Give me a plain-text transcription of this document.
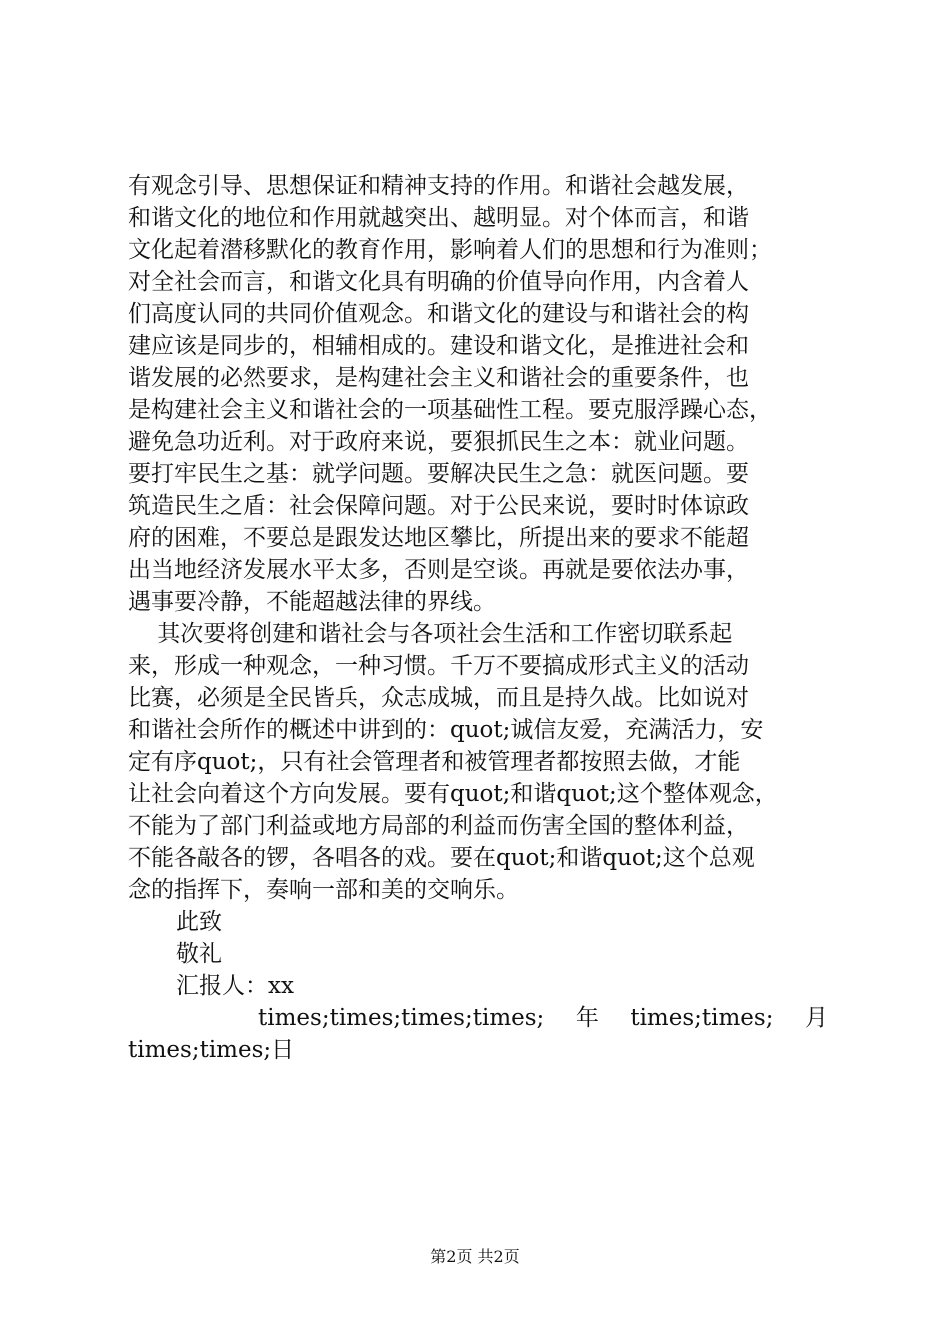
有观念引导、思想保证和精神支持的作用。和谐社会越发展，
和谐文化的地位和作用就越突出、越明显。对个体而言，和谐
文化起着潜移默化的教育作用，影响着人们的思想和行为准则；
对全社会而言，和谐文化具有明确的价值导向作用，内含着人
们高度认同的共同价值观念。和谐文化的建设与和谐社会的构
建应该是同步的，相辅相成的。建设和谐文化，是推进社会和
谐发展的必然要求，是构建社会主义和谐社会的重要条件，也
是构建社会主义和谐社会的一项基础性工程。要克服浮躁心态，
避免急功近利。对于政府来说，要狠抓民生之本：就业问题。
要打牢民生之基：就学问题。要解决民生之急：就医问题。要
筑造民生之盾：社会保障问题。对于公民来说，要时时体谅政
府的困难，不要总是跟发达地区攀比，所提出来的要求不能超
出当地经济发展水平太多，否则是空谈。再就是要依法办事，
遇事要冷静，不能超越法律的界线。
其次要将创建和谐社会与各项社会生活和工作密切联系起
来，形成一种观念，一种习惯。千万不要搞成形式主义的活动
比赛，必须是全民皆兵，众志成城，而且是持久战。比如说对
和谐社会所作的概述中讲到的：quot;诚信友爱，充满活力，安
定有序quot;，只有社会管理者和被管理者都按照去做，才能
让社会向着这个方向发展。要有quot;和谐quot;这个整体观念，
不能为了部门利益或地方局部的利益而伤害全国的整体利益，
不能各敲各的锣，各唱各的戏。要在quot;和谐quot;这个总观
念的指挥下，奏响一部和美的交响乐。
此致
敬礼
汇报人：xx
times;times;times;times; 年 times;times; 月
times;times;日
第2页 共2页
